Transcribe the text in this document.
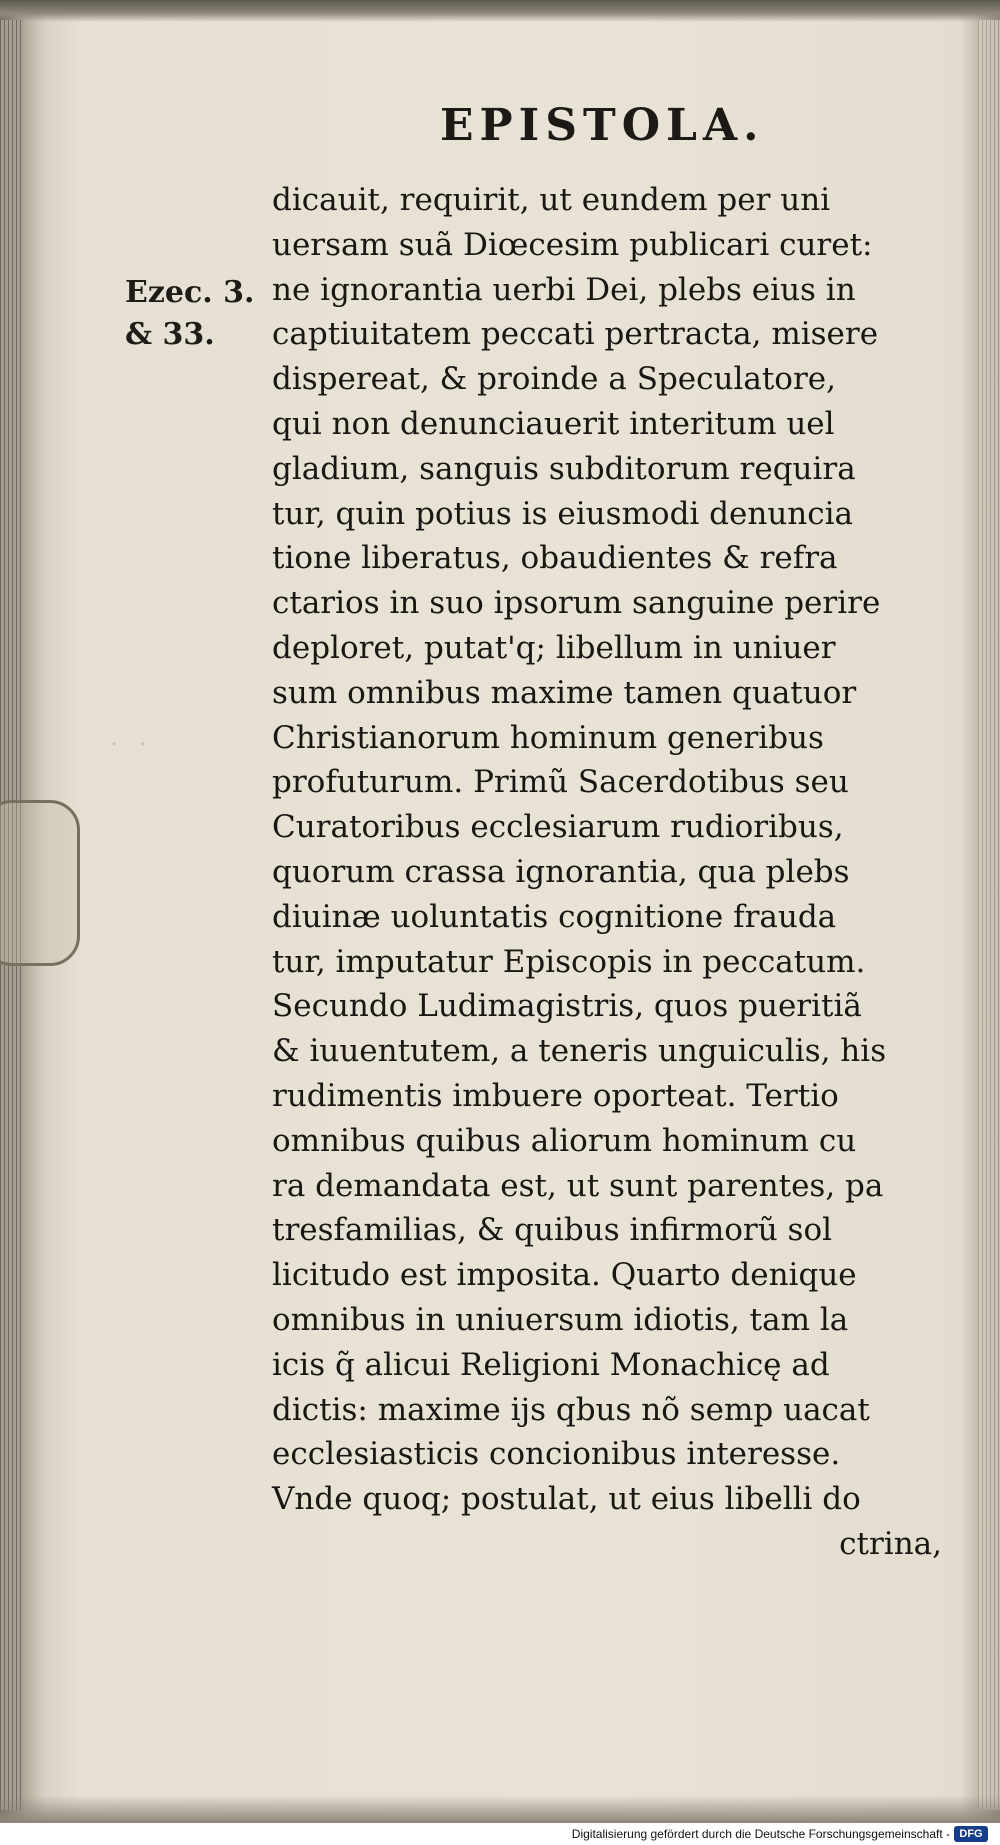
· ·
EPISTOLA.
Ezec. 3.
& 33.
dicauit, requirit, ut eundem per uni
uersam suã Diœcesim publicari curet:
ne ignorantia uerbi Dei, plebs eius in
captiuitatem peccati pertracta, misere
dispereat, & proinde a Speculatore,
qui non denunciauerit interitum uel
gladium, sanguis subditorum requira
tur, quin potius is eiusmodi denuncia
tione liberatus, obaudientes & refra
ctarios in suo ipsorum sanguine perire
deploret, putat'q; libellum in uniuer
sum omnibus maxime tamen quatuor
Christianorum hominum generibus
profuturum. Primũ Sacerdotibus seu
Curatoribus ecclesiarum rudioribus,
quorum crassa ignorantia, qua plebs
diuinæ uoluntatis cognitione frauda
tur, imputatur Episcopis in peccatum.
Secundo Ludimagistris, quos pueritiã
& iuuentutem, a teneris unguiculis, his
rudimentis imbuere oporteat. Tertio
omnibus quibus aliorum hominum cu
ra demandata est, ut sunt parentes, pa
tresfamilias, & quibus infirmorũ sol
licitudo est imposita. Quarto denique
omnibus in uniuersum idiotis, tam la
icis q̃ alicui Religioni Monachicę ad
dictis: maxime ijs qbus nõ semp uacat
ecclesiasticis concionibus interesse.
Vnde quoq; postulat, ut eius libelli do
ctrina,
Digitalisierung gefördert durch die Deutsche Forschungsgemeinschaft - DFG
